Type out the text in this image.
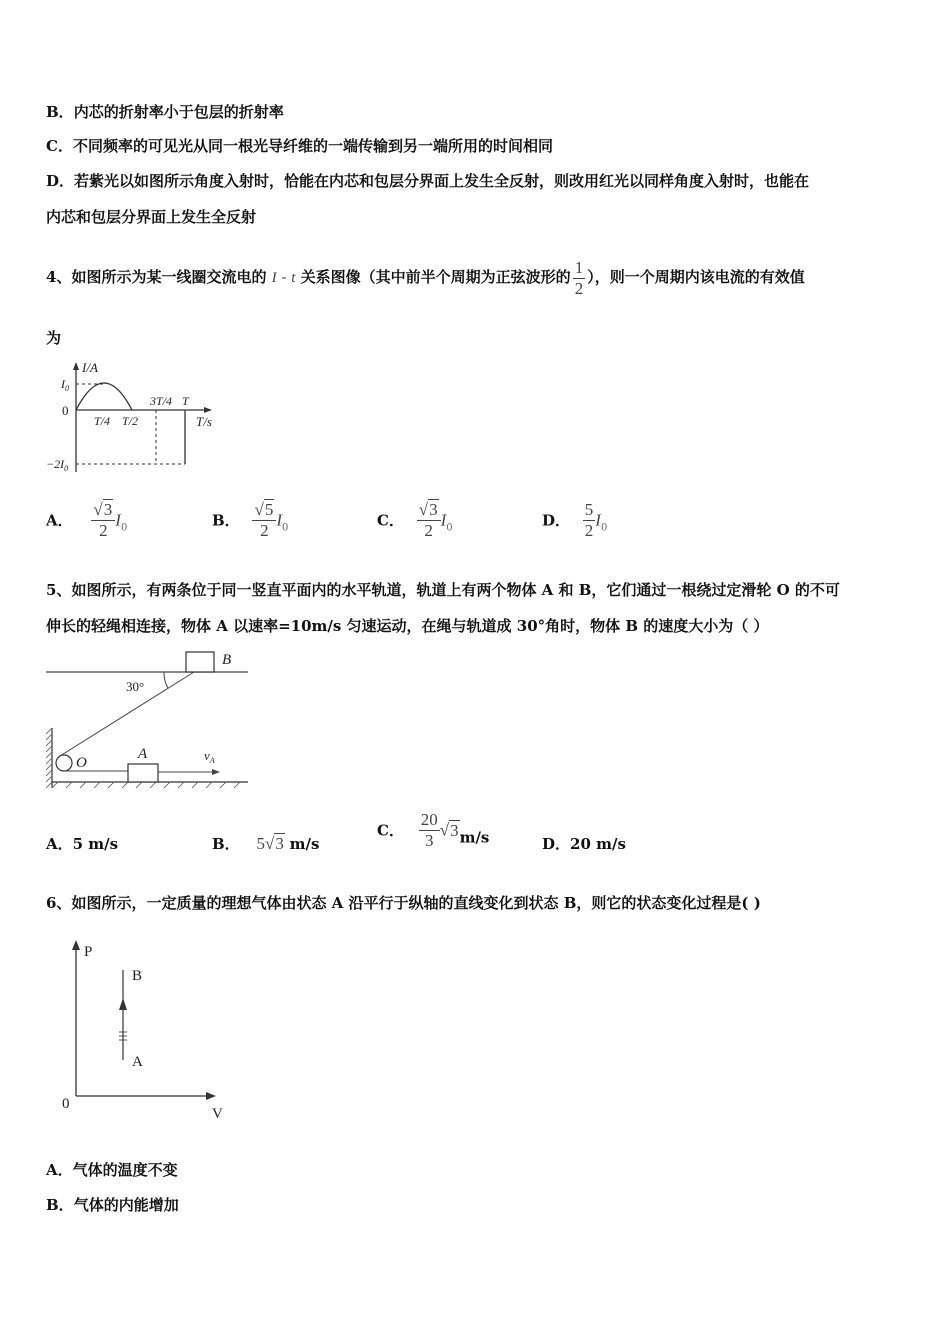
B．内芯的折射率小于包层的折射率
C．不同频率的可见光从同一根光导纤维的一端传输到另一端所用的时间相同
D．若紫光以如图所示角度入射时，恰能在内芯和包层分界面上发生全反射，则改用红光以同样角度入射时，也能在
内芯和包层分界面上发生全反射
4、如图所示为某一线圈交流电的 I - t 关系图像（其中前半个周期为正弦波形的 $\frac{1}{2}$ ），则一个周期内该电流的有效值
为
I/A
$I_0$
0
T/4 T/2
3T/4 T
T/s
$-2I_0$
A． $\frac{√3}{2} I_0$	B． $\frac{√5}{2} I_0$	C． $\frac{√3}{2} I_0$	D． $\frac{5}{2} I_0$
5、如图所示，有两条位于同一竖直平面内的水平轨道，轨道上有两个物体 A 和 B，它们通过一根绕过定滑轮 O 的不可
伸长的轻绳相连接，物体 A 以速率=10m/s 匀速运动，在绳与轨道成 30°角时，物体 B 的速度大小为（ ）
B
O
30°
A	$v_A$
A．5 m/s	B． 5√3 m/s
C． $\frac{20}{3} √3m/s$	D．20 m/s
6、如图所示，一定质量的理想气体由状态 A 沿平行于纵轴的直线变化到状态 B，则它的状态变化过程是( )
P
V
0
B
A
A．气体的温度不变
B．气体的内能增加
